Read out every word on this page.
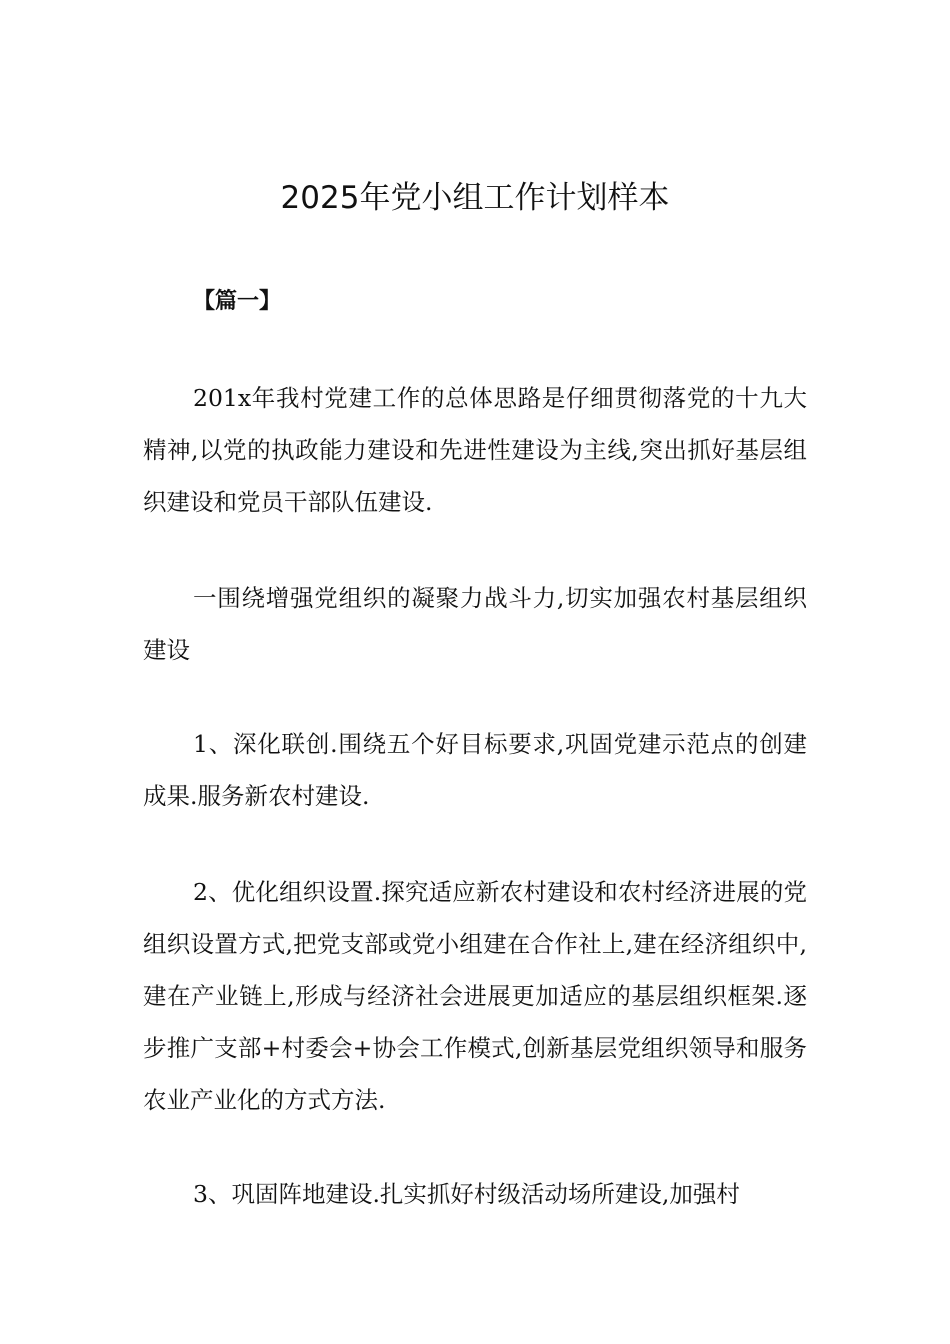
2025年党小组工作计划样本
【篇一】

201x年我村党建工作的总体思路是仔细贯彻落党的十九大精神,以党的执政能力建设和先进性建设为主线,突出抓好基层组织建设和党员干部队伍建设.

一围绕增强党组织的凝聚力战斗力,切实加强农村基层组织建设

1、深化联创.围绕五个好目标要求,巩固党建示范点的创建成果.服务新农村建设.

2、优化组织设置.探究适应新农村建设和农村经济进展的党组织设置方式,把党支部或党小组建在合作社上,建在经济组织中,建在产业链上,形成与经济社会进展更加适应的基层组织框架.逐步推广支部+村委会+协会工作模式,创新基层党组织领导和服务农业产业化的方式方法.

3、巩固阵地建设.扎实抓好村级活动场所建设,加强村
